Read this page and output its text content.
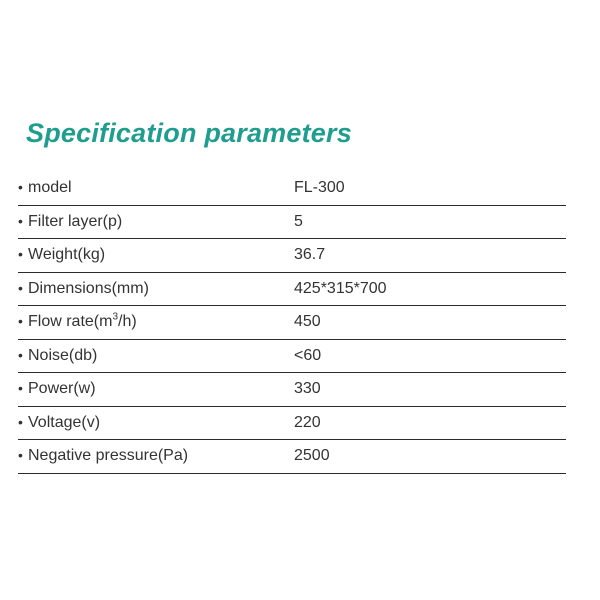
Specification parameters
• model	FL-300
• Filter layer(p)	5
• Weight(kg)	36.7
• Dimensions(mm)	425*315*700
• Flow $rate(m^3/h)$	450
• Noise(db)	<60
• Power(w)	330
• Voltage(v)	220
• Negative pressure(Pa)	2500
